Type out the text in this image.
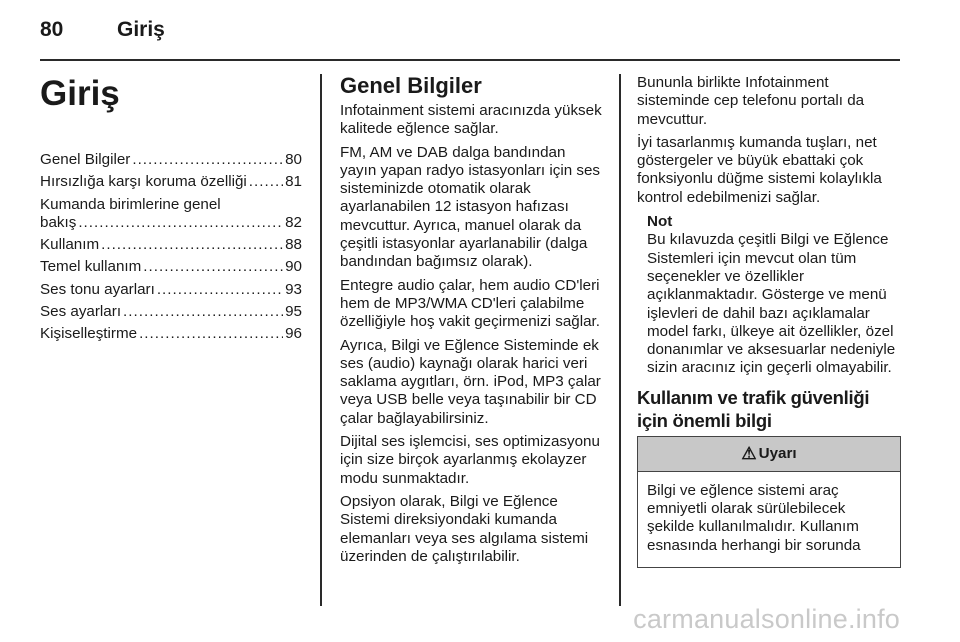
80	Giriş
Giriş
Genel Bilgiler . . .	80
Hırsızlığa karşı koruma özelliği . . .	81
Kumanda birimlerine genel
bakış . . .	82
Kullanım . . .	88
Temel kullanım . . .	90
Ses tonu ayarları . . .	93
Ses ayarları . . .	95
Kişiselleştirme . . .	96
Genel Bilgiler

Infotainment sistemi aracınızda yüksek kalitede eğlence sağlar.

FM, AM ve DAB dalga bandından yayın yapan radyo istasyonları için ses sisteminizde otomatik olarak ayarlanabilen 12 istasyon hafızası mevcuttur. Ayrıca, manuel olarak da çeşitli istasyonlar ayarlanabilir (dalga bandından bağımsız olarak).

Entegre audio çalar, hem audio CD'leri hem de MP3/WMA CD'leri çalabilme özelliğiyle hoş vakit geçirmenizi sağlar.

Ayrıca, Bilgi ve Eğlence Sisteminde ek ses (audio) kaynağı olarak harici veri saklama aygıtları, örn. iPod, MP3 çalar veya USB belle veya taşınabilir bir CD çalar bağlayabilirsiniz.

Dijital ses işlemcisi, ses optimizasyonu için size birçok ayarlanmış ekolayzer modu sunmaktadır.

Opsiyon olarak, Bilgi ve Eğlence Sistemi direksiyondaki kumanda elemanları veya ses algılama sistemi üzerinden de çalıştırılabilir.

Bununla birlikte Infotainment sisteminde cep telefonu portalı da mevcuttur.

İyi tasarlanmış kumanda tuşları, net göstergeler ve büyük ebattaki çok fonksiyonlu düğme sistemi kolaylıkla kontrol edebilmenizi sağlar.

Not
Bu kılavuzda çeşitli Bilgi ve Eğlence Sistemleri için mevcut olan tüm seçenekler ve özellikler açıklanmaktadır. Gösterge ve menü işlevleri de dahil bazı açıklamalar model farkı, ülkeye ait özellikler, özel donanımlar ve aksesuarlar nedeniyle sizin aracınız için geçerli olmayabilir.
Kullanım ve trafik güvenliği için önemli bilgi
⚠ Uyarı
Bilgi ve eğlence sistemi araç emniyetli olarak sürülebilecek şekilde kullanılmalıdır. Kullanım esnasında herhangi bir sorunda
carmanualsonline.info
